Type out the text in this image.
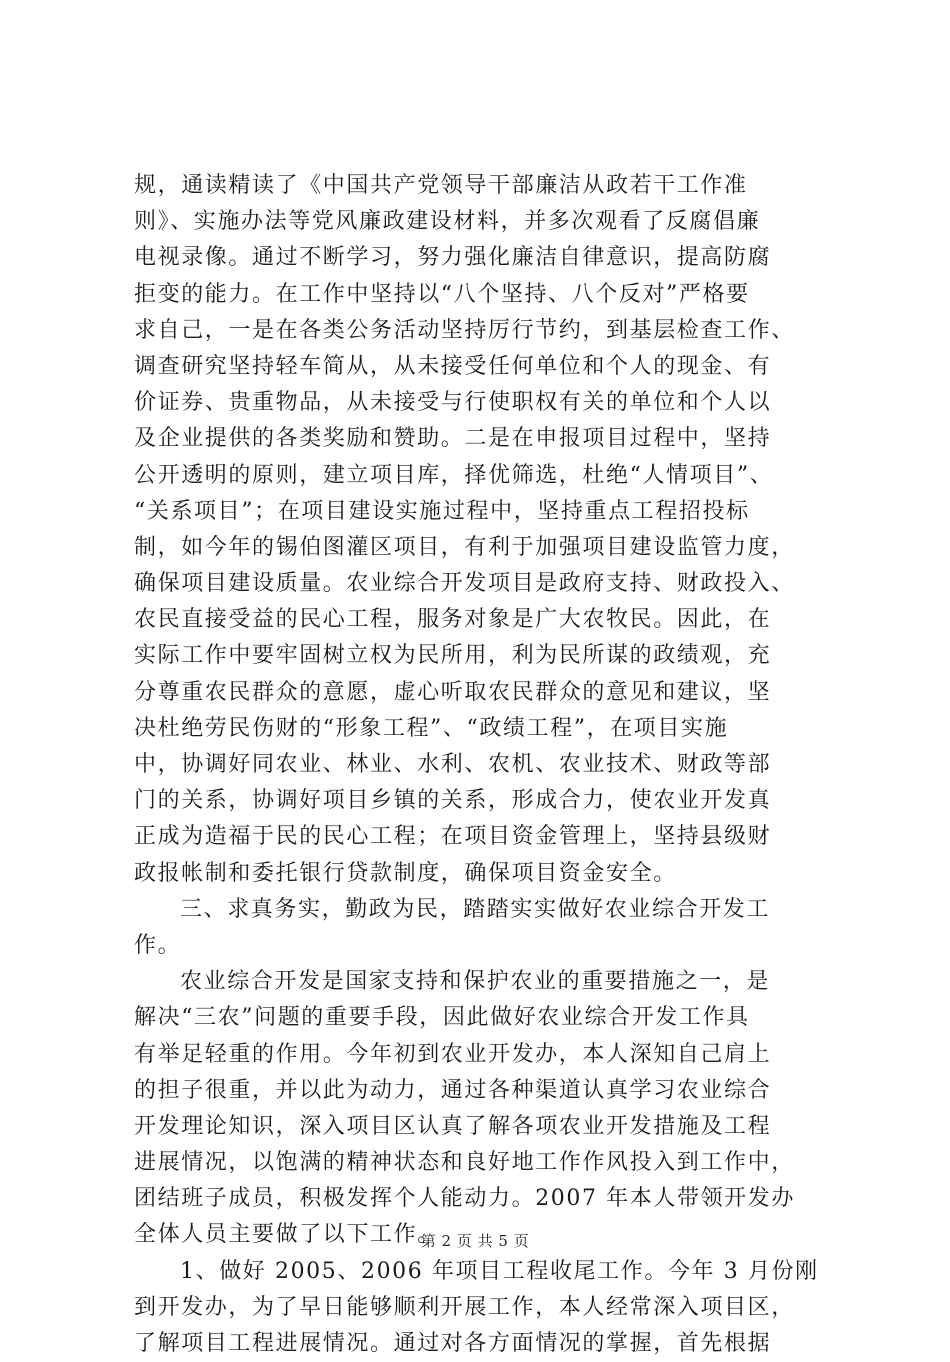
规，通读精读了《中国共产党领导干部廉洁从政若干工作准
则》、实施办法等党风廉政建设材料，并多次观看了反腐倡廉
电视录像。通过不断学习，努力强化廉洁自律意识，提高防腐
拒变的能力。在工作中坚持以“八个坚持、八个反对”严格要
求自己，一是在各类公务活动坚持厉行节约，到基层检查工作、
调查研究坚持轻车简从，从未接受任何单位和个人的现金、有
价证券、贵重物品，从未接受与行使职权有关的单位和个人以
及企业提供的各类奖励和赞助。二是在申报项目过程中，坚持
公开透明的原则，建立项目库，择优筛选，杜绝“人情项目”、
“关系项目”；在项目建设实施过程中，坚持重点工程招投标
制，如今年的锡伯图灌区项目，有利于加强项目建设监管力度，
确保项目建设质量。农业综合开发项目是政府支持、财政投入、
农民直接受益的民心工程，服务对象是广大农牧民。因此，在
实际工作中要牢固树立权为民所用，利为民所谋的政绩观，充
分尊重农民群众的意愿，虚心听取农民群众的意见和建议，坚
决杜绝劳民伤财的“形象工程”、“政绩工程”，在项目实施
中，协调好同农业、林业、水利、农机、农业技术、财政等部
门的关系，协调好项目乡镇的关系，形成合力，使农业开发真
正成为造福于民的民心工程；在项目资金管理上，坚持县级财
政报帐制和委托银行贷款制度，确保项目资金安全。
三、求真务实，勤政为民，踏踏实实做好农业综合开发工
作。
农业综合开发是国家支持和保护农业的重要措施之一，是
解决“三农”问题的重要手段，因此做好农业综合开发工作具
有举足轻重的作用。今年初到农业开发办，本人深知自己肩上
的担子很重，并以此为动力，通过各种渠道认真学习农业综合
开发理论知识，深入项目区认真了解各项农业开发措施及工程
进展情况，以饱满的精神状态和良好地工作作风投入到工作中，
团结班子成员，积极发挥个人能动力。2007 年本人带领开发办
全体人员主要做了以下工作。
1、做好 2005、2006 年项目工程收尾工作。今年 3 月份刚
到开发办，为了早日能够顺利开展工作，本人经常深入项目区，
了解项目工程进展情况。通过对各方面情况的掌握，首先根据
第 2 页 共 5 页
